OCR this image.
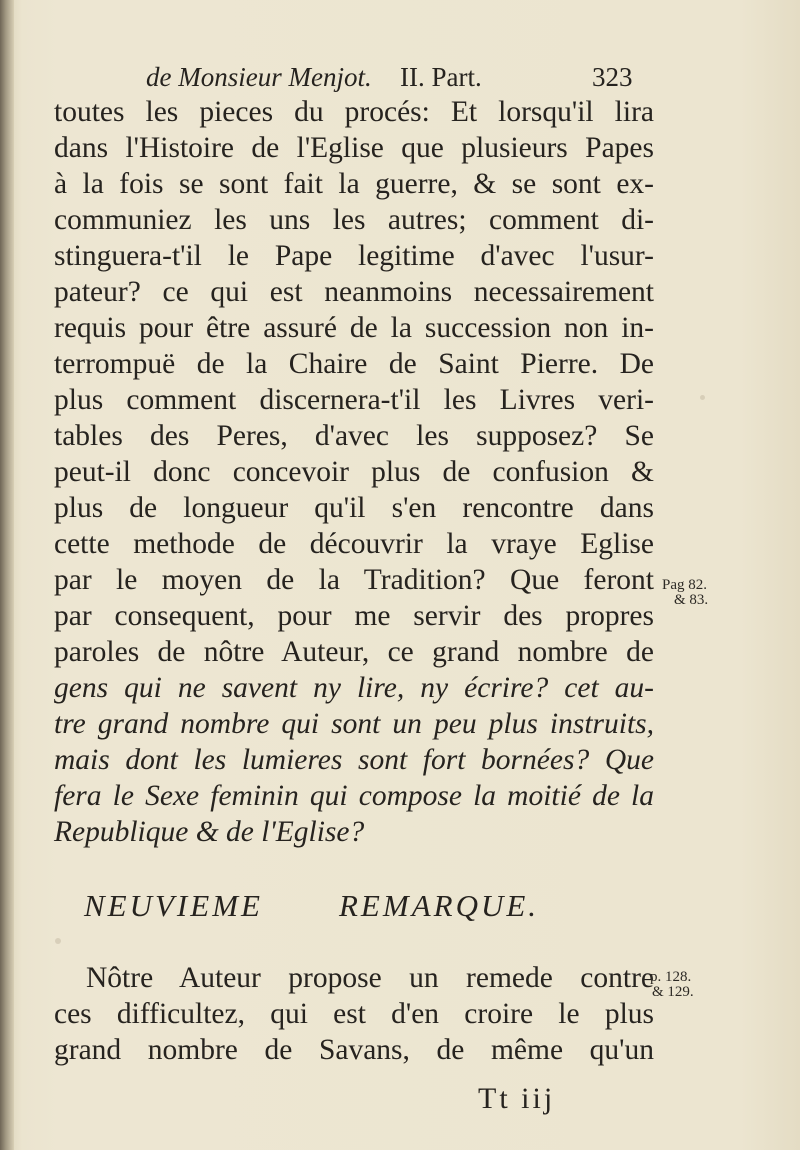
de Monsieur Menjot. II. Part.	323
toutes les pieces du procés: Et lorsqu'il lira
dans l'Histoire de l'Eglise que plusieurs Papes
à la fois se sont fait la guerre, & se sont ex-
communiez les uns les autres; comment di-
stinguera-t'il le Pape legitime d'avec l'usur-
pateur? ce qui est neanmoins necessairement
requis pour être assuré de la succession non in-
terrompuë de la Chaire de Saint Pierre. De
plus comment discernera-t'il les Livres veri-
tables des Peres, d'avec les supposez? Se
peut-il donc concevoir plus de confusion &
plus de longueur qu'il s'en rencontre dans
cette methode de découvrir la vraye Eglise
par le moyen de la Tradition? Que feront
par consequent, pour me servir des propres
paroles de nôtre Auteur, ce grand nombre de
gens qui ne savent ny lire, ny écrire? cet au-
tre grand nombre qui sont un peu plus instruits,
mais dont les lumieres sont fort bornées? Que
fera le Sexe feminin qui compose la moitié de la
Republique & de l'Eglise?
NEUVIEME REMARQUE.
Nôtre Auteur propose un remede contre
ces difficultez, qui est d'en croire le plus
grand nombre de Savans, de même qu'un
Pag 82.
& 83.
p. 128.
& 129.
Tt iij
